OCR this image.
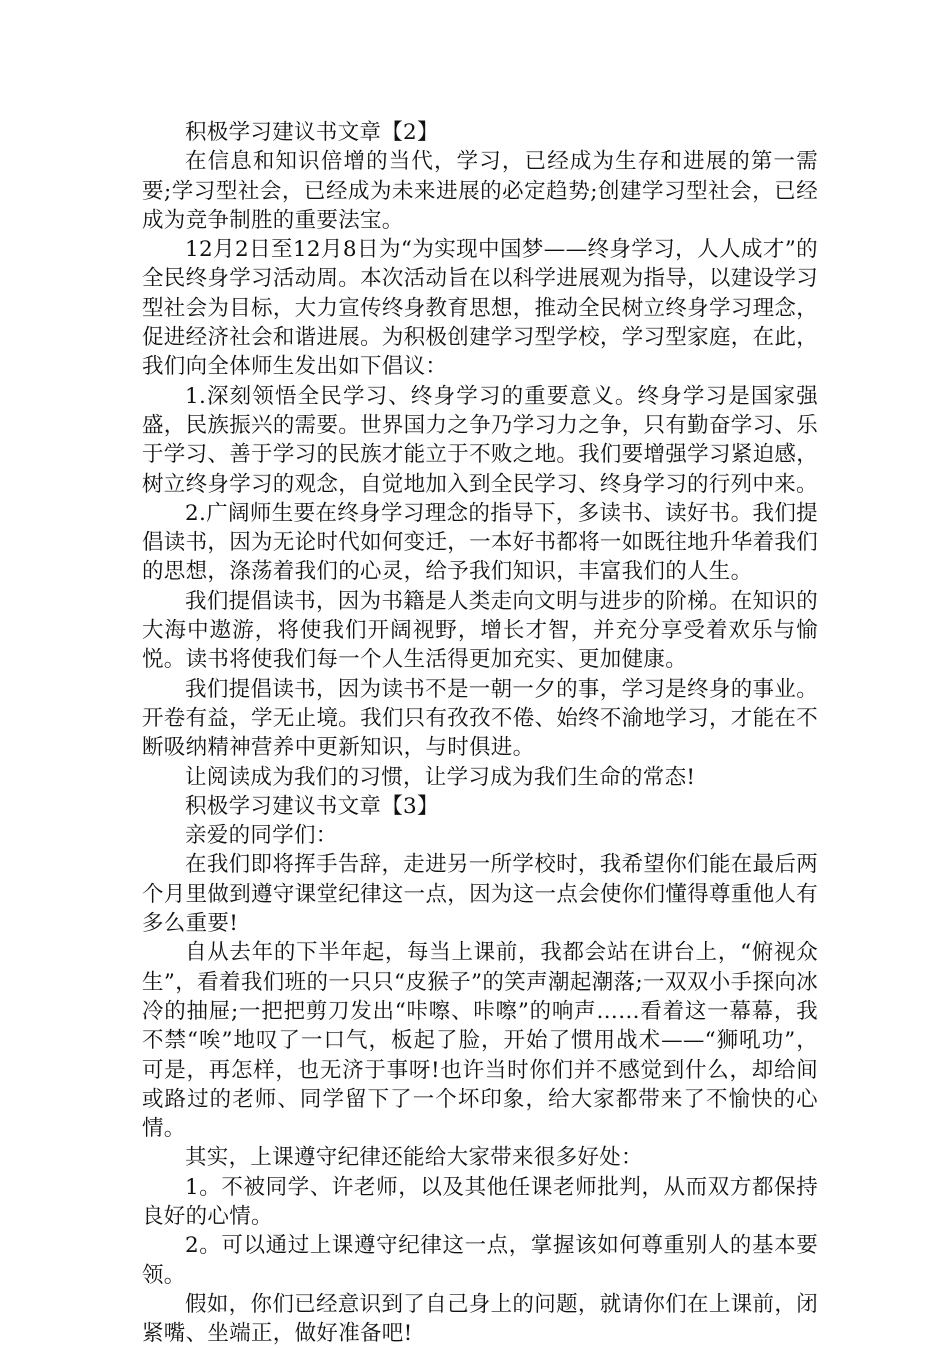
积极学习建议书文章【2】

在信息和知识倍增的当代，学习，已经成为生存和进展的第一需要;学习型社会，已经成为未来进展的必定趋势;创建学习型社会，已经成为竞争制胜的重要法宝。

12月2日至12月8日为“为实现中国梦——终身学习，人人成才”的全民终身学习活动周。本次活动旨在以科学进展观为指导，以建设学习型社会为目标，大力宣传终身教育思想，推动全民树立终身学习理念，促进经济社会和谐进展。为积极创建学习型学校，学习型家庭，在此，我们向全体师生发出如下倡议：

1.深刻领悟全民学习、终身学习的重要意义。终身学习是国家强盛，民族振兴的需要。世界国力之争乃学习力之争，只有勤奋学习、乐于学习、善于学习的民族才能立于不败之地。我们要增强学习紧迫感，树立终身学习的观念，自觉地加入到全民学习、终身学习的行列中来。

2.广阔师生要在终身学习理念的指导下，多读书、读好书。我们提倡读书，因为无论时代如何变迁，一本好书都将一如既往地升华着我们的思想，涤荡着我们的心灵，给予我们知识，丰富我们的人生。

我们提倡读书，因为书籍是人类走向文明与进步的阶梯。在知识的大海中遨游，将使我们开阔视野，增长才智，并充分享受着欢乐与愉悦。读书将使我们每一个人生活得更加充实、更加健康。

我们提倡读书，因为读书不是一朝一夕的事，学习是终身的事业。开卷有益，学无止境。我们只有孜孜不倦、始终不渝地学习，才能在不断吸纳精神营养中更新知识，与时俱进。

让阅读成为我们的习惯，让学习成为我们生命的常态!

积极学习建议书文章【3】

亲爱的同学们：

在我们即将挥手告辞，走进另一所学校时，我希望你们能在最后两个月里做到遵守课堂纪律这一点，因为这一点会使你们懂得尊重他人有多么重要!

自从去年的下半年起，每当上课前，我都会站在讲台上，“俯视众生”，看着我们班的一只只“皮猴子”的笑声潮起潮落;一双双小手探向冰冷的抽屉;一把把剪刀发出“咔嚓、咔嚓”的响声……看着这一幕幕，我不禁“唉”地叹了一口气，板起了脸，开始了惯用战术——“狮吼功”，可是，再怎样，也无济于事呀!也许当时你们并不感觉到什么，却给间或路过的老师、同学留下了一个坏印象，给大家都带来了不愉快的心情。

其实，上课遵守纪律还能给大家带来很多好处：

1。不被同学、许老师，以及其他任课老师批判，从而双方都保持良好的心情。

2。可以通过上课遵守纪律这一点，掌握该如何尊重别人的基本要领。

假如，你们已经意识到了自己身上的问题，就请你们在上课前，闭紧嘴、坐端正，做好准备吧!
